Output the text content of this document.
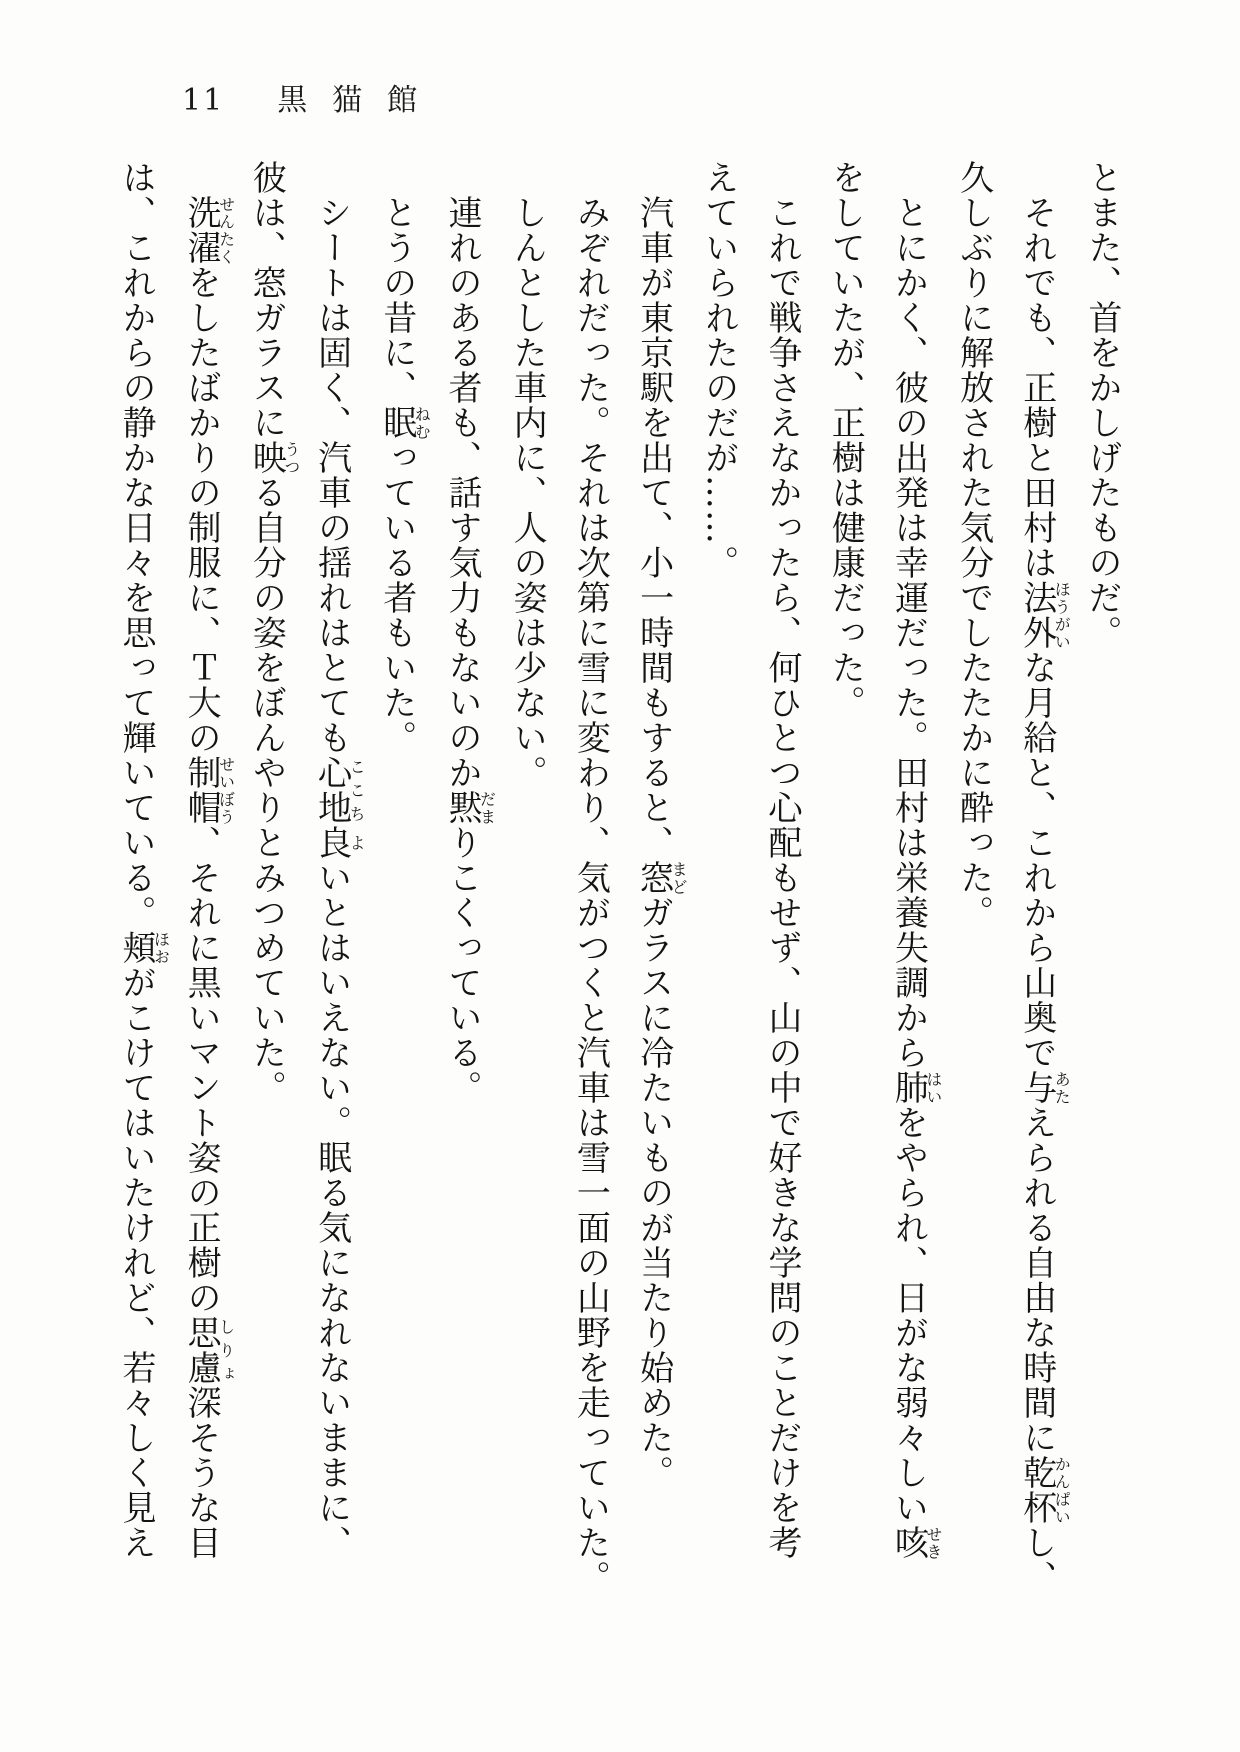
11 黒猫館
とまた、首をかしげたものだ。
それでも、正樹と田村は法外ほうがいな月給と、これから山奥で与あたえられる自由な時間に乾杯かんぱいし、
久しぶりに解放された気分でしたたかに酔った。
とにかく、彼の出発は幸運だった。田村は栄養失調から肺はいをやられ、日がな弱々しい咳せき
をしていたが、正樹は健康だった。
これで戦争さえなかったら、何ひとつ心配もせず、山の中で好きな学問のことだけを考
えていられたのだが……。
汽車が東京駅を出て、小一時間もすると、窓まどガラスに冷たいものが当たり始めた。
みぞれだった。それは次第に雪に変わり、気がつくと汽車は雪一面の山野を走っていた。
しんとした車内に、人の姿は少ない。
連れのある者も、話す気力もないのか黙だまりこくっている。
とうの昔に、眠ねむっている者もいた。
シートは固く、汽車の揺れはとても心地ここち良よいとはいえない。眠る気になれないままに、
彼は、窓ガラスに映うつる自分の姿をぼんやりとみつめていた。
洗濯せんたくをしたばかりの制服に、Ｔ大の制帽せいぼう、それに黒いマント姿の正樹の思慮しりょ深そうな目
は、これからの静かな日々を思って輝いている。頬ほおがこけてはいたけれど、若々しく見え
